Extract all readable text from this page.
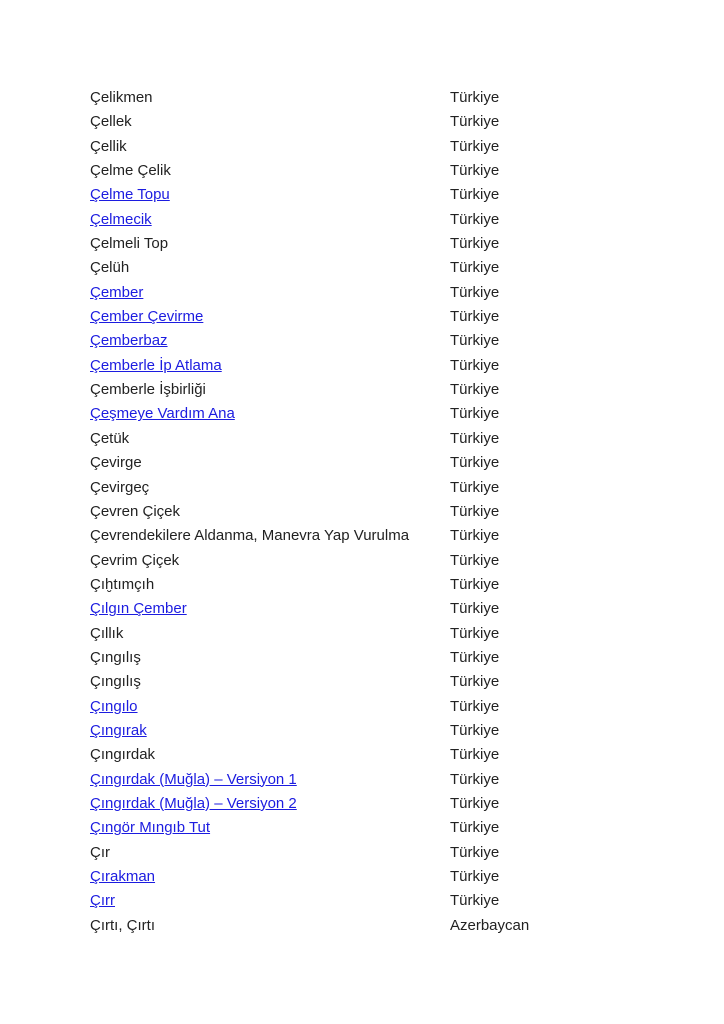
Çelikmen	Türkiye
Çellek	Türkiye
Çellik	Türkiye
Çelme Çelik	Türkiye
Çelme Topu	Türkiye
Çelmecik	Türkiye
Çelmeli Top	Türkiye
Çelüh	Türkiye
Çember	Türkiye
Çember Çevirme	Türkiye
Çemberbaz	Türkiye
Çemberle İp Atlama	Türkiye
Çemberle İşbirliği	Türkiye
Çeşmeye Vardım Ana	Türkiye
Çetük	Türkiye
Çevirge	Türkiye
Çevirgeç	Türkiye
Çevren Çiçek	Türkiye
Çevrendekilere Aldanma, Manevra Yap Vurulma	Türkiye
Çevrim Çiçek	Türkiye
Çıḫtımçıh	Türkiye
Çılgın Çember	Türkiye
Çıllık	Türkiye
Çıngılış	Türkiye
Çıngılış	Türkiye
Çıngılo	Türkiye
Çıngırak	Türkiye
Çıngırdak	Türkiye
Çıngırdak (Muğla) – Versiyon 1	Türkiye
Çıngırdak (Muğla) – Versiyon 2	Türkiye
Çıngör Mıngıb Tut	Türkiye
Çır	Türkiye
Çırakman	Türkiye
Çırr	Türkiye
Çırtı, Çırtı	Azerbaycan
